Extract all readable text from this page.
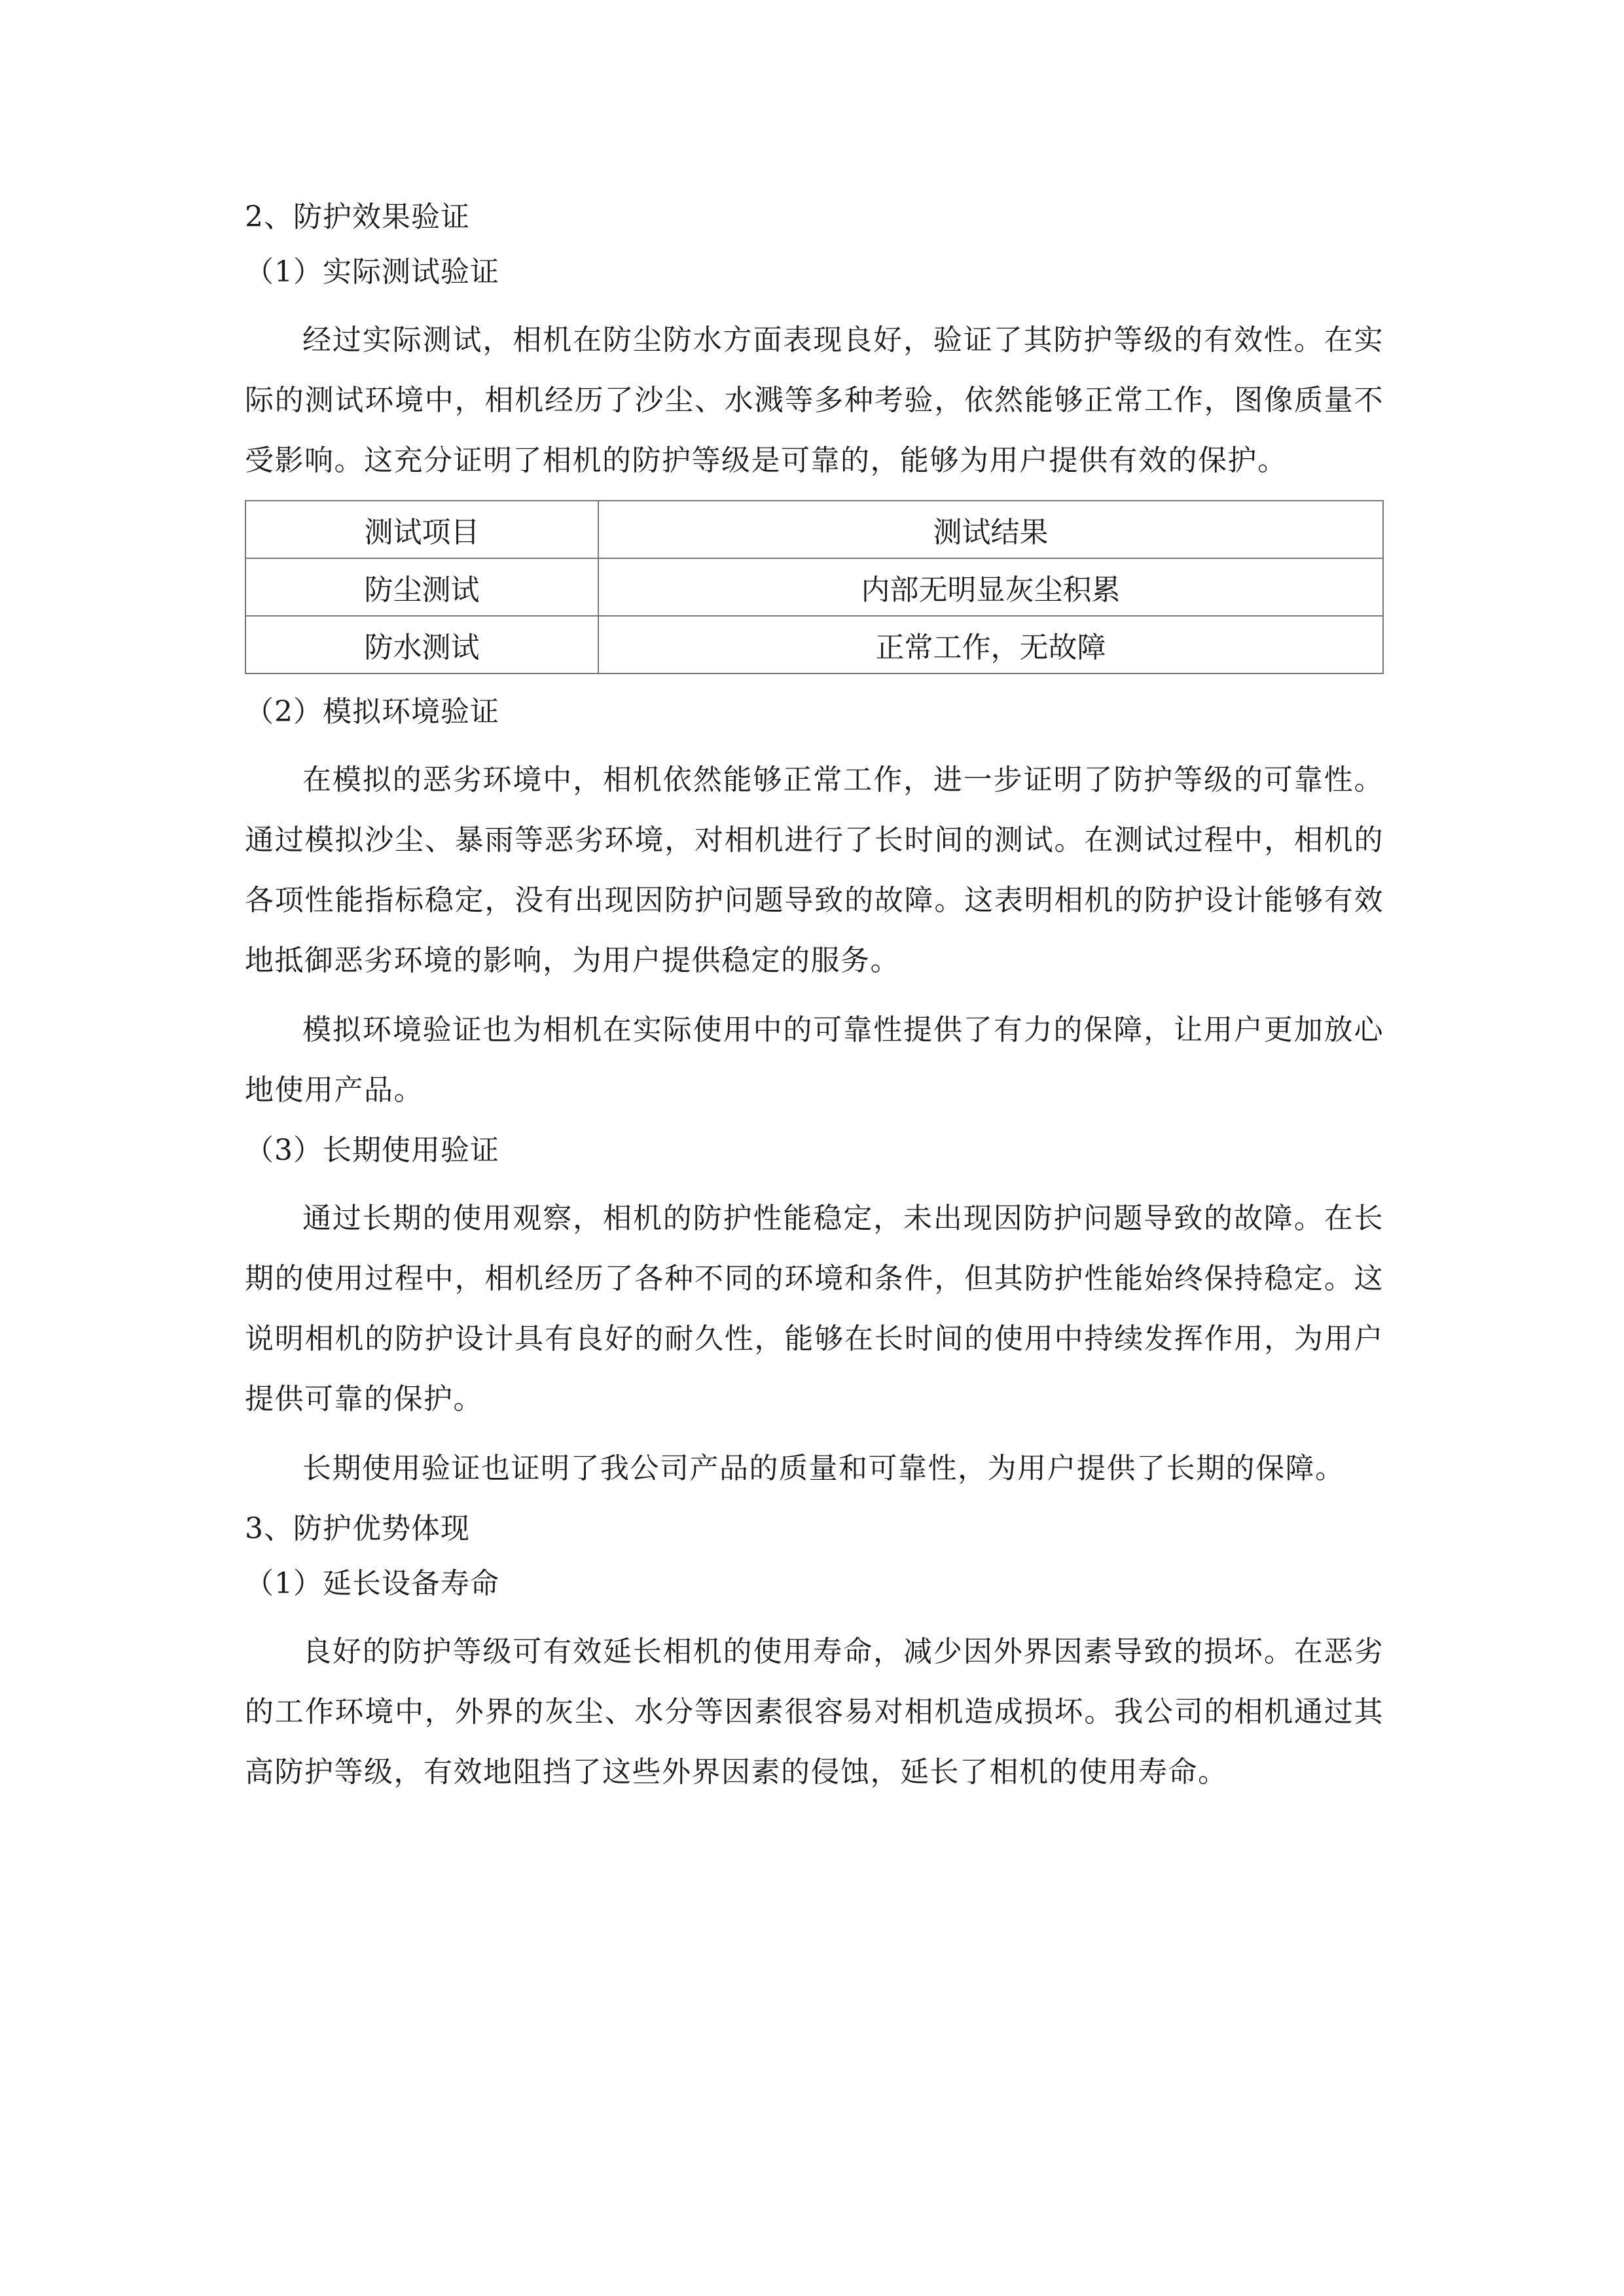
2、防护效果验证
（1）实际测试验证

经过实际测试，相机在防尘防水方面表现良好，验证了其防护等级的有效性。在实际的测试环境中，相机经历了沙尘、水溅等多种考验，依然能够正常工作，图像质量不受影响。这充分证明了相机的防护等级是可靠的，能够为用户提供有效的保护。

测试项目	测试结果
防尘测试	内部无明显灰尘积累
防水测试	正常工作，无故障
（2）模拟环境验证

在模拟的恶劣环境中，相机依然能够正常工作，进一步证明了防护等级的可靠性。通过模拟沙尘、暴雨等恶劣环境，对相机进行了长时间的测试。在测试过程中，相机的各项性能指标稳定，没有出现因防护问题导致的故障。这表明相机的防护设计能够有效地抵御恶劣环境的影响，为用户提供稳定的服务。

模拟环境验证也为相机在实际使用中的可靠性提供了有力的保障，让用户更加放心地使用产品。

（3）长期使用验证

通过长期的使用观察，相机的防护性能稳定，未出现因防护问题导致的故障。在长期的使用过程中，相机经历了各种不同的环境和条件，但其防护性能始终保持稳定。这说明相机的防护设计具有良好的耐久性，能够在长时间的使用中持续发挥作用，为用户提供可靠的保护。

长期使用验证也证明了我公司产品的质量和可靠性，为用户提供了长期的保障。

3、防护优势体现
（1）延长设备寿命

良好的防护等级可有效延长相机的使用寿命，减少因外界因素导致的损坏。在恶劣的工作环境中，外界的灰尘、水分等因素很容易对相机造成损坏。我公司的相机通过其高防护等级，有效地阻挡了这些外界因素的侵蚀，延长了相机的使用寿命。
